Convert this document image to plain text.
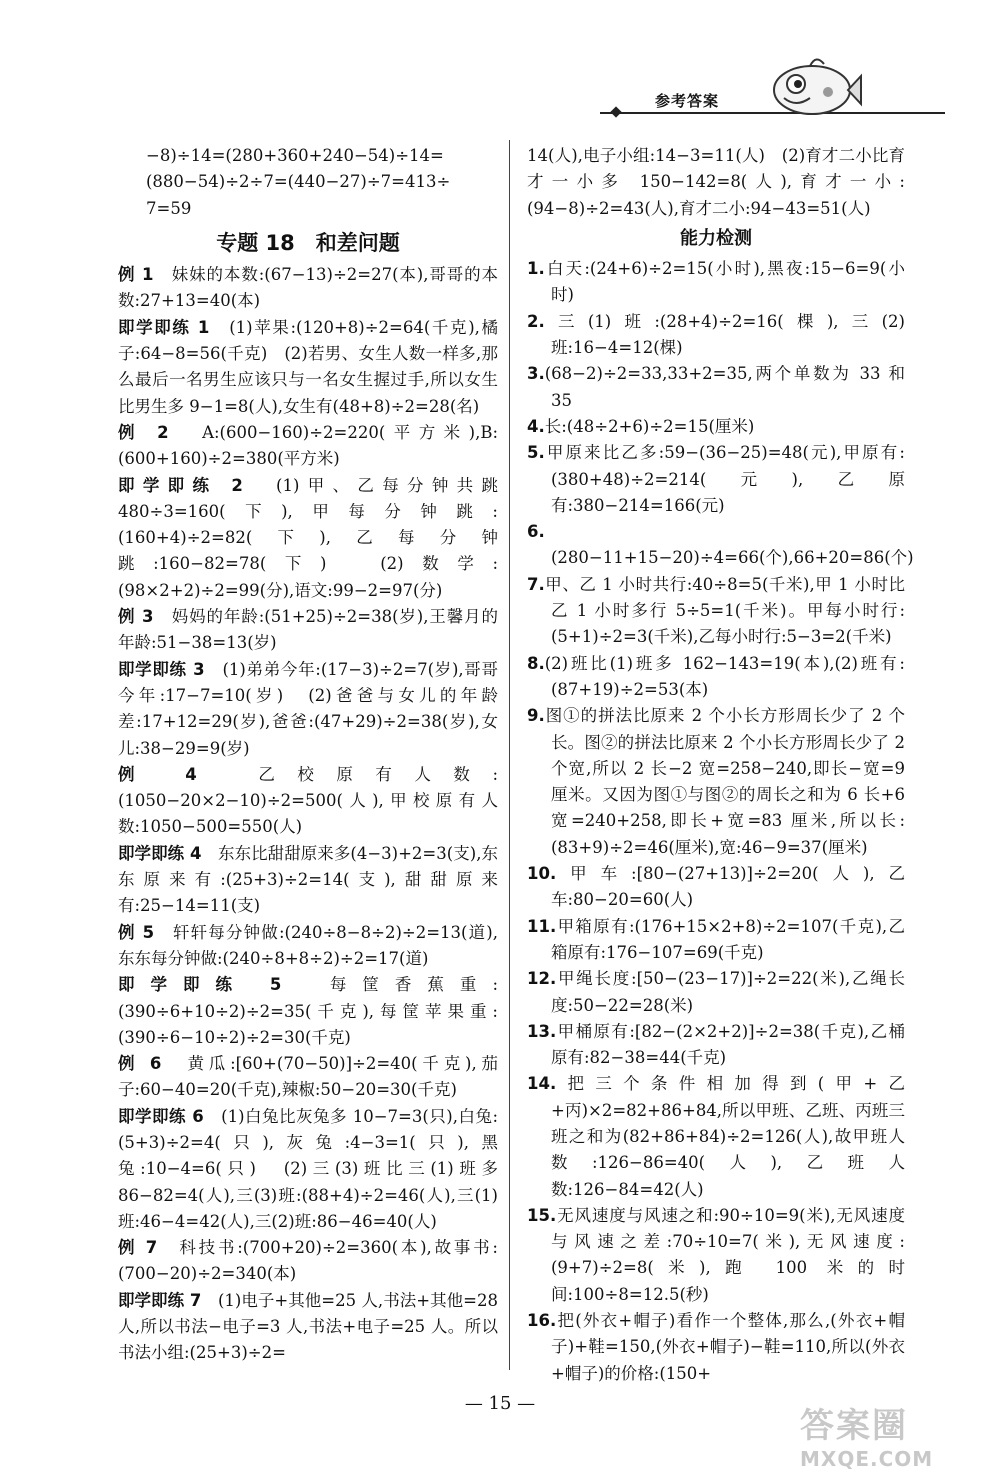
参考答案

−8)÷14=(280+360+240−54)÷14=

(880−54)÷2÷7=(440−27)÷7=413÷

7=59

专题 18　和差问题

例 1　 妹妹的本数:(67−13)÷2=27(本),哥哥的本数:27+13=40(本)

即学即练 1　 (1)苹果:(120+8)÷2=64(千克),橘子:64−8=56(千克)　(2)若男、女生人数一样多,那么最后一名男生应该只与一名女生握过手,所以女生比男生多 9−1=8(人),女生有(48+8)÷2=28(名)

例 2　 A:(600−160)÷2=220(平方米),B:(600+160)÷2=380(平方米)

即学即练 2　 (1)甲、乙每分钟共跳 480÷3=160(下),甲每分钟跳:(160+4)÷2=82(下),乙每分钟跳:160−82=78(下)　(2)数学:(98×2+2)÷2=99(分),语文:99−2=97(分)

例 3　 妈妈的年龄:(51+25)÷2=38(岁),王馨月的年龄:51−38=13(岁)

即学即练 3　 (1)弟弟今年:(17−3)÷2=7(岁),哥哥今年:17−7=10(岁)　(2)爸爸与女儿的年龄差:17+12=29(岁),爸爸:(47+29)÷2=38(岁),女儿:38−29=9(岁)

例 4　	乙校原有人数:(1050−20×2−10)÷2=500(人),甲校原有人数:1050−500=550(人)

即学即练 4　 东东比甜甜原来多(4−3)+2=3(支),东东原来有:(25+3)÷2=14(支),甜甜原来有:25−14=11(支)

例 5　 轩轩每分钟做:(240÷8−8÷2)÷2=13(道),东东每分钟做:(240÷8+8÷2)÷2=17(道)

即学即练 5　	每筐香蕉重:(390÷6+10÷2)÷2=35(千克),每筐苹果重:(390÷6−10÷2)÷2=30(千克)

例 6　 黄瓜:[60+(70−50)]÷2=40(千克),茄子:60−40=20(千克),辣椒:50−20=30(千克)

即学即练 6　 (1)白兔比灰兔多 10−7=3(只),白兔:(5+3)÷2=4(只),灰兔:4−3=1(只),黑兔:10−4=6(只)　(2)三(3)班比三(1)班多 86−82=4(人),三(3)班:(88+4)÷2=46(人),三(1)班:46−4=42(人),三(2)班:86−46=40(人)

例 7　 科技书:(700+20)÷2=360(本),故事书:(700−20)÷2=340(本)

即学即练 7　 (1)电子+其他=25 人,书法+其他=28 人,所以书法−电子=3 人,书法+电子=25 人。所以书法小组:(25+3)÷2=

14(人),电子小组:14−3=11(人)　(2)育才二小比育才一小多 150−142=8(人),育才一小:(94−8)÷2=43(人),育才二小:94−43=51(人)

能力检测

1.白天:(24+6)÷2=15(小时),黑夜:15−6=9(小时)

2.三(1)班:(28+4)÷2=16(棵),三(2)班:16−4=12(棵)

3.(68−2)÷2=33,33+2=35,两个单数为 33 和 35

4.长:(48÷2+6)÷2=15(厘米)

5.甲原来比乙多:59−(36−25)=48(元),甲原有:(380+48)÷2=214(元),乙原有:380−214=166(元)

6.(280−11+15−20)÷4=66(个),66+20=86(个)

7.甲、乙 1 小时共行:40÷8=5(千米),甲 1 小时比乙 1 小时多行 5÷5=1(千米)。甲每小时行:(5+1)÷2=3(千米),乙每小时行:5−3=2(千米)

8.(2)班比(1)班多 162−143=19(本),(2)班有:(87+19)÷2=53(本)

9.图①的拼法比原来 2 个小长方形周长少了 2 个长。图②的拼法比原来 2 个小长方形周长少了 2 个宽,所以 2 长−2 宽=258−240,即长−宽=9 厘米。又因为图①与图②的周长之和为 6 长+6 宽=240+258,即长+宽=83 厘米,所以长:(83+9)÷2=46(厘米),宽:46−9=37(厘米)

10.甲车:[80−(27+13)]÷2=20(人),乙车:80−20=60(人)

11.甲箱原有:(176+15×2+8)÷2=107(千克),乙箱原有:176−107=69(千克)

12.甲绳长度:[50−(23−17)]÷2=22(米),乙绳长度:50−22=28(米)

13.甲桶原有:[82−(2×2+2)]÷2=38(千克),乙桶原有:82−38=44(千克)

14.把三个条件相加得到(甲+乙+丙)×2=82+86+84,所以甲班、乙班、丙班三班之和为(82+86+84)÷2=126(人),故甲班人数:126−86=40(人),乙班人数:126−84=42(人)

15.无风速度与风速之和:90÷10=9(米),无风速度与风速之差:70÷10=7(米),无风速度:(9+7)÷2=8(米),跑 100 米的时间:100÷8=12.5(秒)

16.把(外衣+帽子)看作一个整体,那么,(外衣+帽子)+鞋=150,(外衣+帽子)−鞋=110,所以(外衣+帽子)的价格:(150+

— 15 —
答案圈
MXQE.COM
